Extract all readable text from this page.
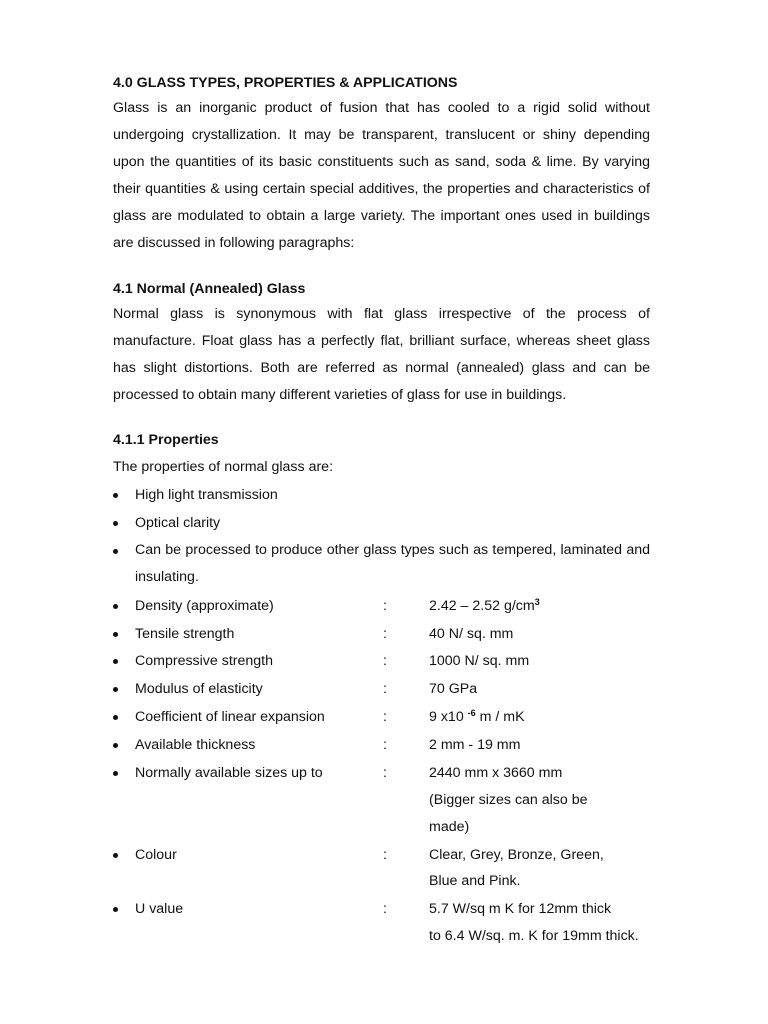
4.0 GLASS TYPES, PROPERTIES & APPLICATIONS
Glass is an inorganic product of fusion that has cooled to a rigid solid without undergoing crystallization. It may be transparent, translucent or shiny depending upon the quantities of its basic constituents such as sand, soda & lime. By varying their quantities & using certain special additives, the properties and characteristics of glass are modulated to obtain a large variety. The important ones used in buildings are discussed in following paragraphs:
4.1 Normal (Annealed) Glass
Normal glass is synonymous with flat glass irrespective of the process of manufacture. Float glass has a perfectly flat, brilliant surface, whereas sheet glass has slight distortions. Both are referred as normal (annealed) glass and can be processed to obtain many different varieties of glass for use in buildings.
4.1.1 Properties
The properties of normal glass are:
High light transmission
Optical clarity
Can be processed to produce other glass types such as tempered, laminated and insulating.
Density (approximate)	:	2.42 – 2.52 $g/cm^3$
Tensile strength	:	40 N/ sq. mm
Compressive strength	:	1000 N/ sq. mm
Modulus of elasticity	:	70 GPa
Coefficient of linear expansion	:	9 x10 $^{-6}$ m / mK
Available thickness	:	2 mm - 19 mm
Normally available sizes up to	:	2440 mm x 3660 mm
(Bigger sizes can also be
made)
Colour	:	Clear, Grey, Bronze, Green,
Blue and Pink.
U value	:	5.7 W/sq m K for 12mm thick
to 6.4 W/sq. m. K for 19mm thick.
